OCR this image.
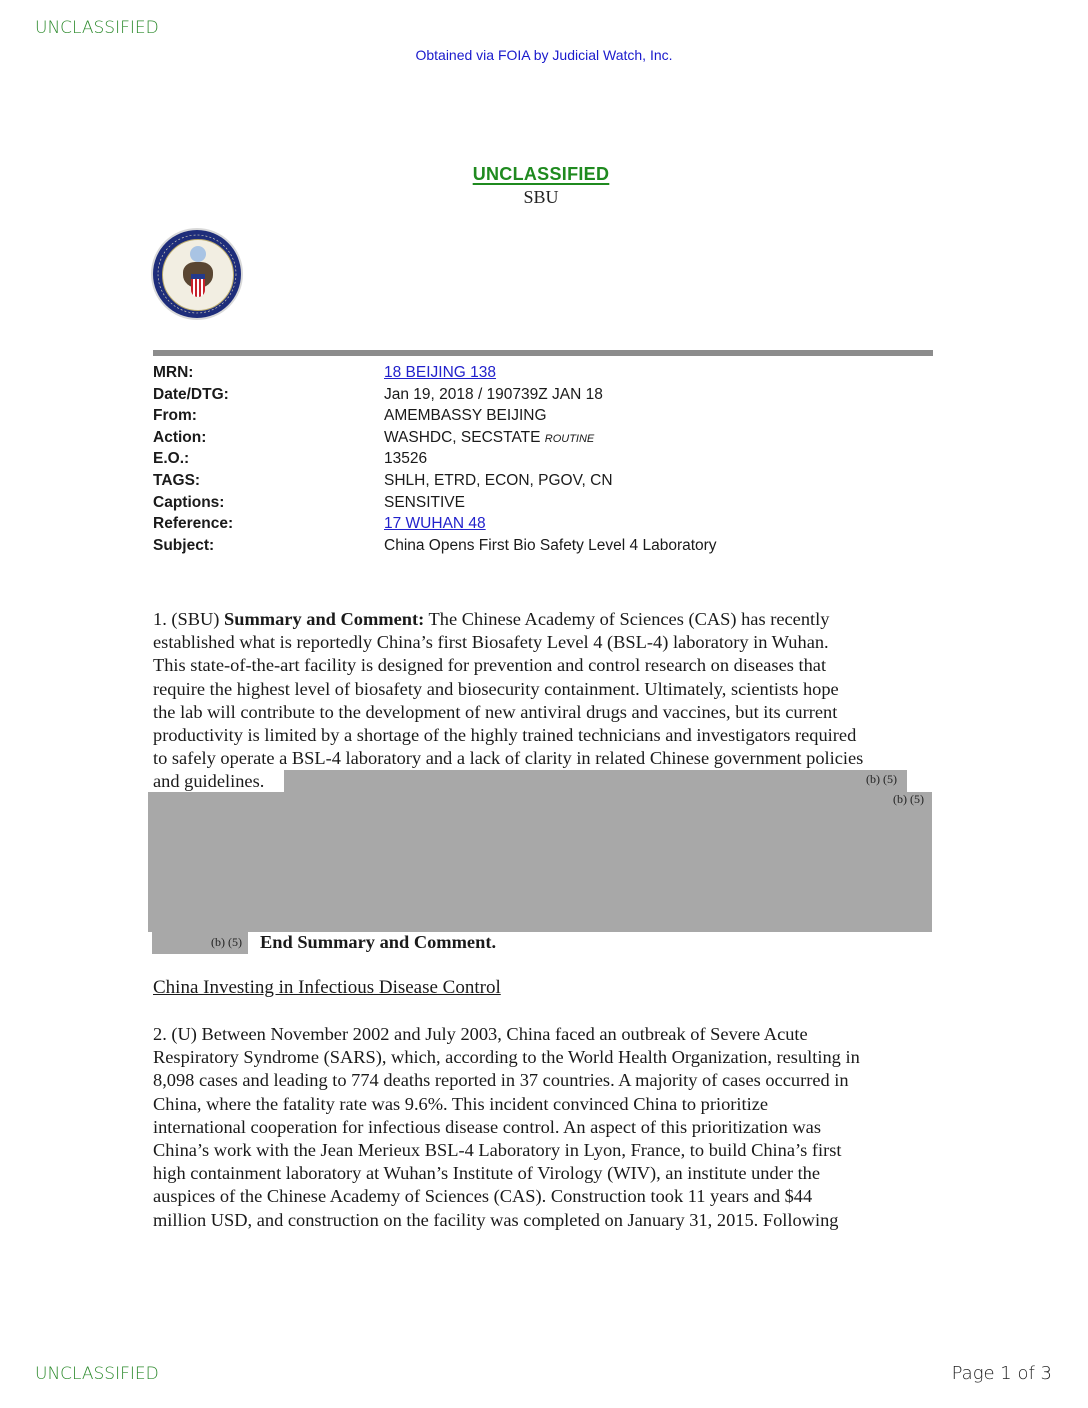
UNCLASSIFIED
Obtained via FOIA by Judicial Watch, Inc.
UNCLASSIFIED
SBU
MRN:	18 BEIJING 138
Date/DTG:	Jan 19, 2018 / 190739Z JAN 18
From:	AMEMBASSY BEIJING
Action:	WASHDC, SECSTATE ROUTINE
E.O.:	13526
TAGS:	SHLH, ETRD, ECON, PGOV, CN
Captions:	SENSITIVE
Reference:	17 WUHAN 48
Subject:	China Opens First Bio Safety Level 4 Laboratory
1. (SBU) Summary and Comment: The Chinese Academy of Sciences (CAS) has recently
established what is reportedly China’s first Biosafety Level 4 (BSL-4) laboratory in Wuhan.
This state-of-the-art facility is designed for prevention and control research on diseases that
require the highest level of biosafety and biosecurity containment. Ultimately, scientists hope
the lab will contribute to the development of new antiviral drugs and vaccines, but its current
productivity is limited by a shortage of the highly trained technicians and investigators required
to safely operate a BSL-4 laboratory and a lack of clarity in related Chinese government policies
and guidelines.	(b) (5)
(b) (5)
(b) (5) End Summary and Comment.
China Investing in Infectious Disease Control
2. (U) Between November 2002 and July 2003, China faced an outbreak of Severe Acute
Respiratory Syndrome (SARS), which, according to the World Health Organization, resulting in
8,098 cases and leading to 774 deaths reported in 37 countries. A majority of cases occurred in
China, where the fatality rate was 9.6%. This incident convinced China to prioritize
international cooperation for infectious disease control. An aspect of this prioritization was
China’s work with the Jean Merieux BSL-4 Laboratory in Lyon, France, to build China’s first
high containment laboratory at Wuhan’s Institute of Virology (WIV), an institute under the
auspices of the Chinese Academy of Sciences (CAS). Construction took 11 years and $44
million USD, and construction on the facility was completed on January 31, 2015. Following
UNCLASSIFIED	Page 1 of 3
